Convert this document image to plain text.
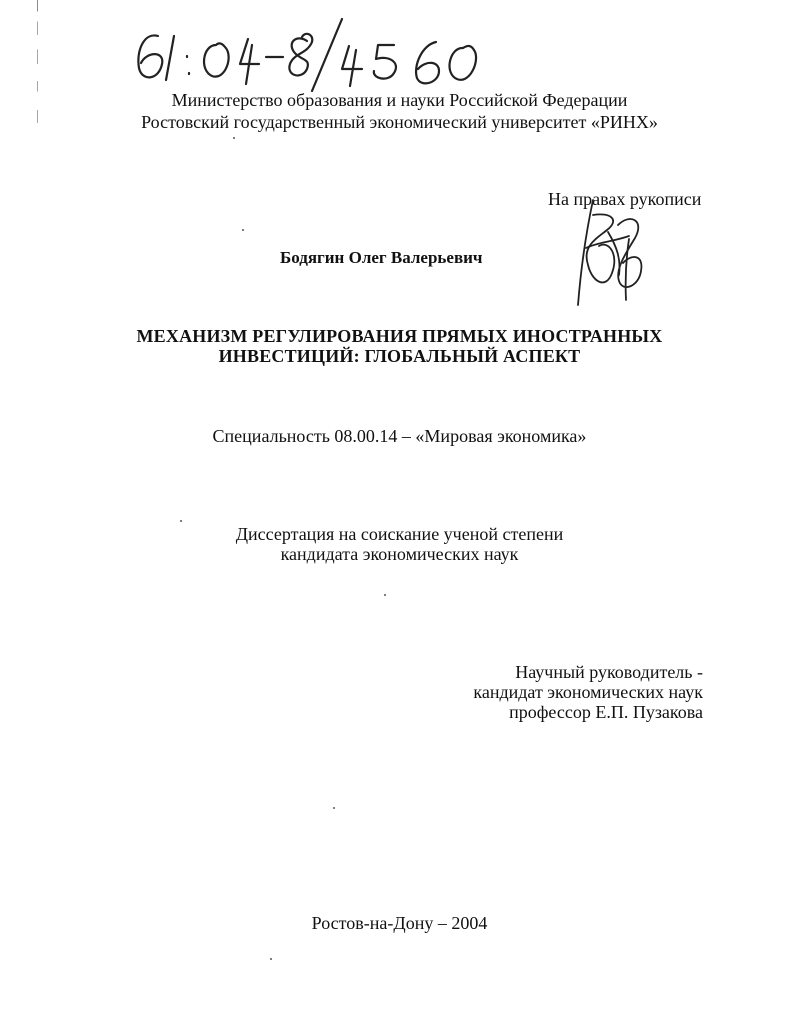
Министерство образования и науки Российской Федерации
Ростовский государственный экономический университет «РИНХ»
На правах рукописи
Бодягин Олег Валерьевич
МЕХАНИЗМ РЕГУЛИРОВАНИЯ ПРЯМЫХ ИНОСТРАННЫХ
ИНВЕСТИЦИЙ: ГЛОБАЛЬНЫЙ АСПЕКТ
Специальность 08.00.14 – «Мировая экономика»
Диссертация на соискание ученой степени
кандидата экономических наук
Научный руководитель -
кандидат экономических наук
профессор Е.П. Пузакова
Ростов-на-Дону – 2004
